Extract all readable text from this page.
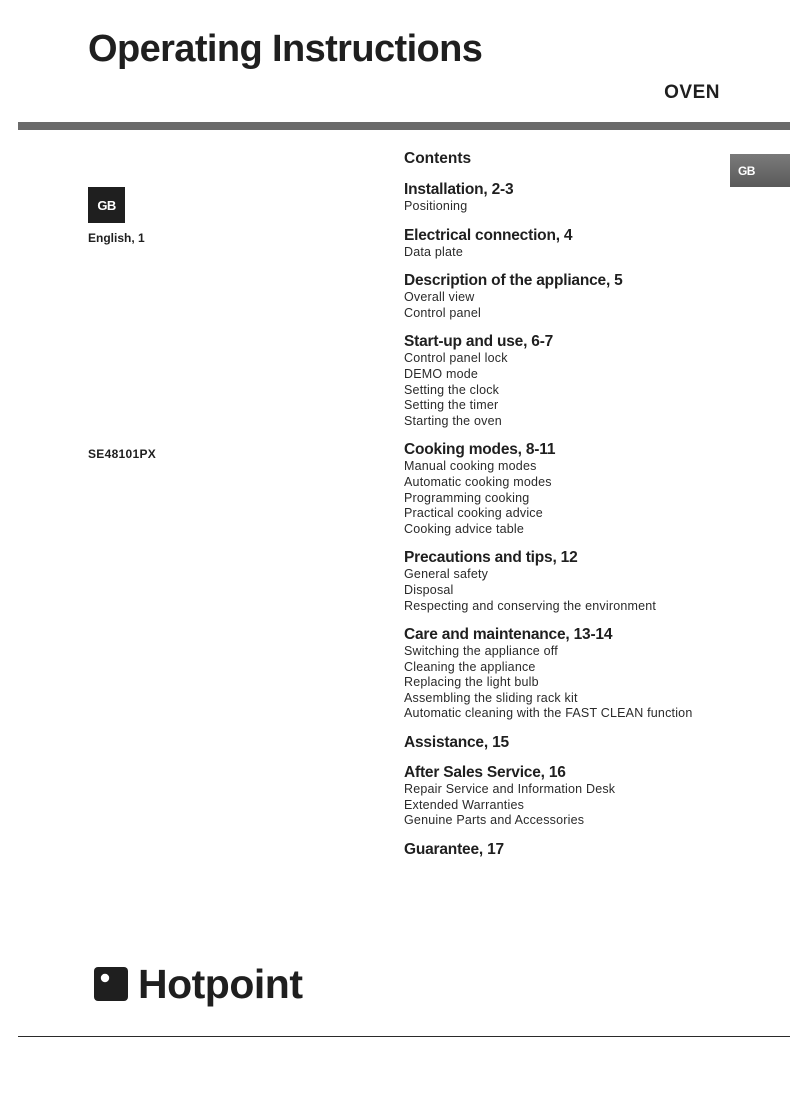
Operating Instructions
OVEN
GB
English, 1
SE48101PX
GB
Contents
Installation, 2-3
Positioning
Electrical connection, 4
Data plate
Description of the appliance, 5
Overall view
Control panel
Start-up and use, 6-7
Control panel lock
DEMO mode
Setting the clock
Setting the timer
Starting the oven
Cooking modes, 8-11
Manual cooking modes
Automatic cooking modes
Programming cooking
Practical cooking advice
Cooking advice table
Precautions and tips, 12
General safety
Disposal
Respecting and conserving the environment
Care and maintenance, 13-14
Switching the appliance off
Cleaning the appliance
Replacing the light bulb
Assembling the sliding rack kit
Automatic cleaning with the FAST CLEAN function
Assistance, 15
After Sales Service, 16
Repair Service and Information Desk
Extended Warranties
Genuine Parts and Accessories
Guarantee, 17
Hotpoint
